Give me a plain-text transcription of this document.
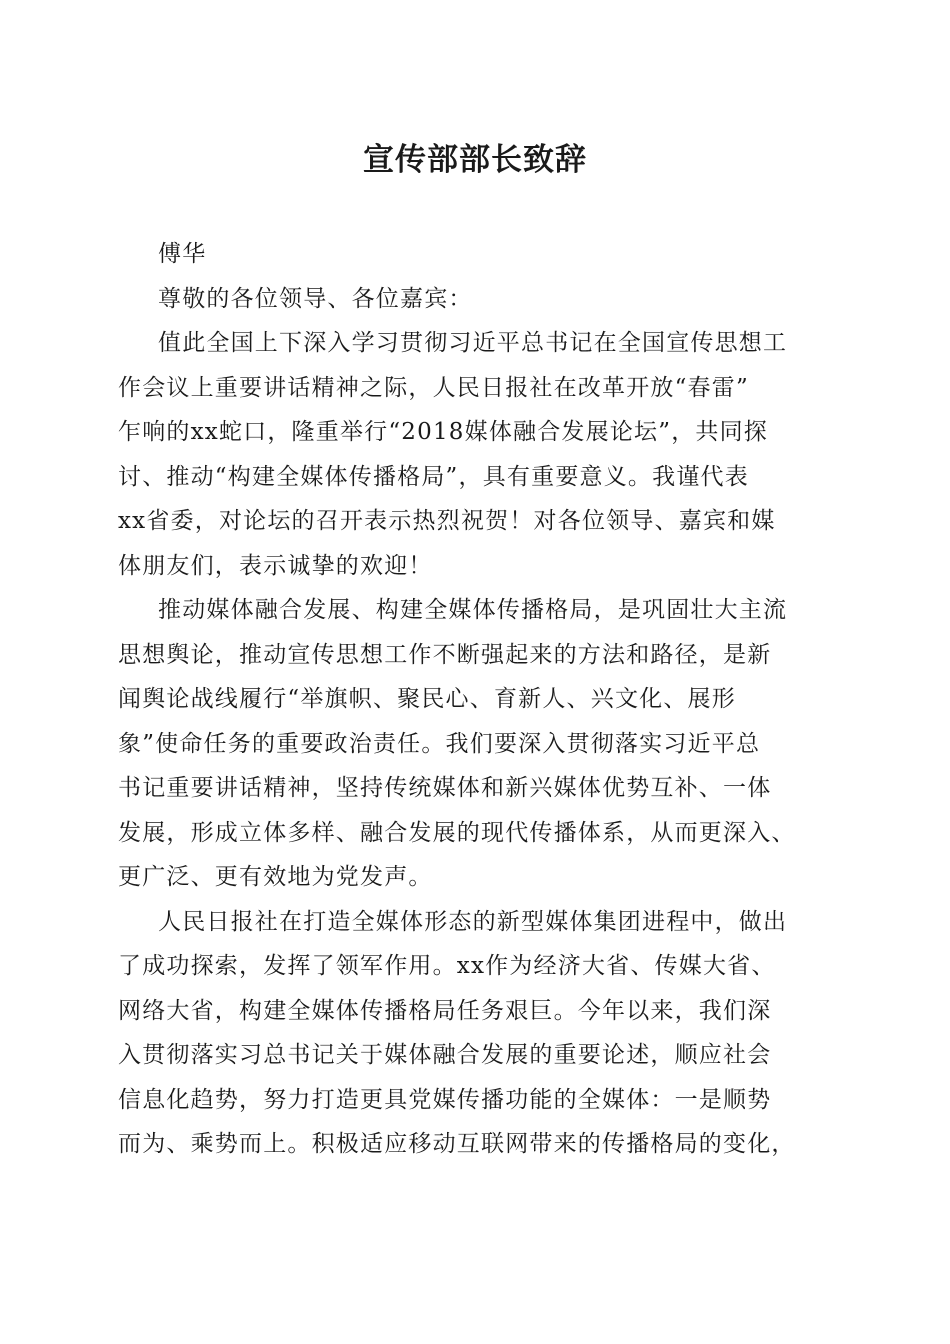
宣传部部长致辞
傅华
尊敬的各位领导、各位嘉宾：
值此全国上下深入学习贯彻习近平总书记在全国宣传思想工
作会议上重要讲话精神之际，人民日报社在改革开放“春雷”
乍响的xx蛇口，隆重举行“2018媒体融合发展论坛”，共同探
讨、推动“构建全媒体传播格局”，具有重要意义。我谨代表
xx省委，对论坛的召开表示热烈祝贺！对各位领导、嘉宾和媒
体朋友们，表示诚挚的欢迎！
推动媒体融合发展、构建全媒体传播格局，是巩固壮大主流
思想舆论，推动宣传思想工作不断强起来的方法和路径，是新
闻舆论战线履行“举旗帜、聚民心、育新人、兴文化、展形
象”使命任务的重要政治责任。我们要深入贯彻落实习近平总
书记重要讲话精神，坚持传统媒体和新兴媒体优势互补、一体
发展，形成立体多样、融合发展的现代传播体系，从而更深入、
更广泛、更有效地为党发声。
人民日报社在打造全媒体形态的新型媒体集团进程中，做出
了成功探索，发挥了领军作用。xx作为经济大省、传媒大省、
网络大省，构建全媒体传播格局任务艰巨。今年以来，我们深
入贯彻落实习总书记关于媒体融合发展的重要论述，顺应社会
信息化趋势，努力打造更具党媒传播功能的全媒体：一是顺势
而为、乘势而上。积极适应移动互联网带来的传播格局的变化，
